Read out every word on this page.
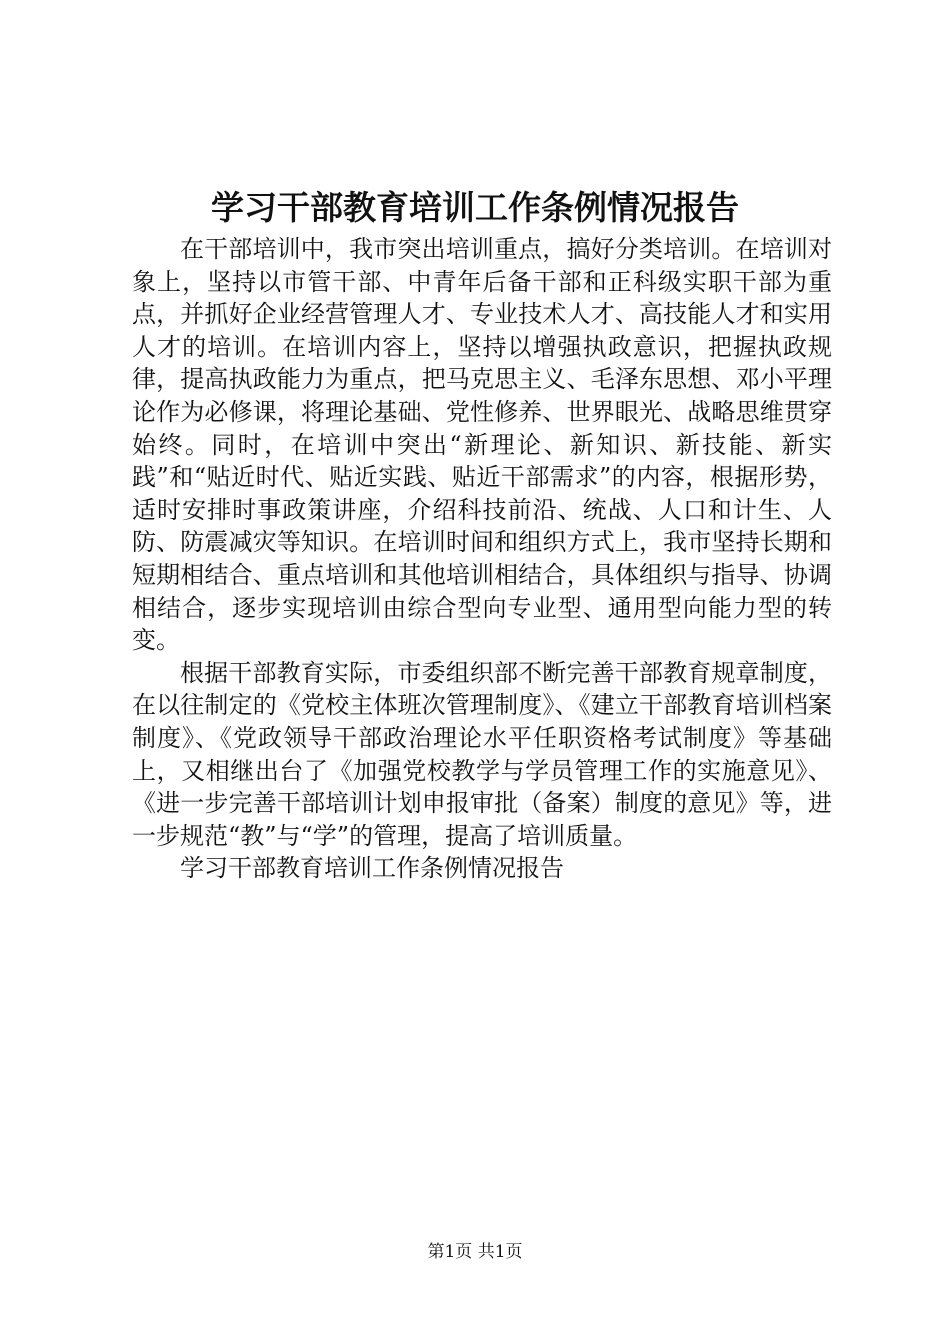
学习干部教育培训工作条例情况报告

在干部培训中，我市突出培训重点，搞好分类培训。在培训对象上，坚持以市管干部、中青年后备干部和正科级实职干部为重点，并抓好企业经营管理人才、专业技术人才、高技能人才和实用人才的培训。在培训内容上，坚持以增强执政意识，把握执政规律，提高执政能力为重点，把马克思主义、毛泽东思想、邓小平理论作为必修课，将理论基础、党性修养、世界眼光、战略思维贯穿始终。同时，在培训中突出“新理论、新知识、新技能、新实践”和“贴近时代、贴近实践、贴近干部需求”的内容，根据形势，适时安排时事政策讲座，介绍科技前沿、统战、人口和计生、人防、防震减灾等知识。在培训时间和组织方式上，我市坚持长期和短期相结合、重点培训和其他培训相结合，具体组织与指导、协调相结合，逐步实现培训由综合型向专业型、通用型向能力型的转变。

根据干部教育实际，市委组织部不断完善干部教育规章制度，在以往制定的《党校主体班次管理制度》、《建立干部教育培训档案制度》、《党政领导干部政治理论水平任职资格考试制度》等基础上，又相继出台了《加强党校教学与学员管理工作的实施意见》、《进一步完善干部培训计划申报审批（备案）制度的意见》等，进一步规范“教”与“学”的管理，提高了培训质量。

学习干部教育培训工作条例情况报告

第1页 共1页
